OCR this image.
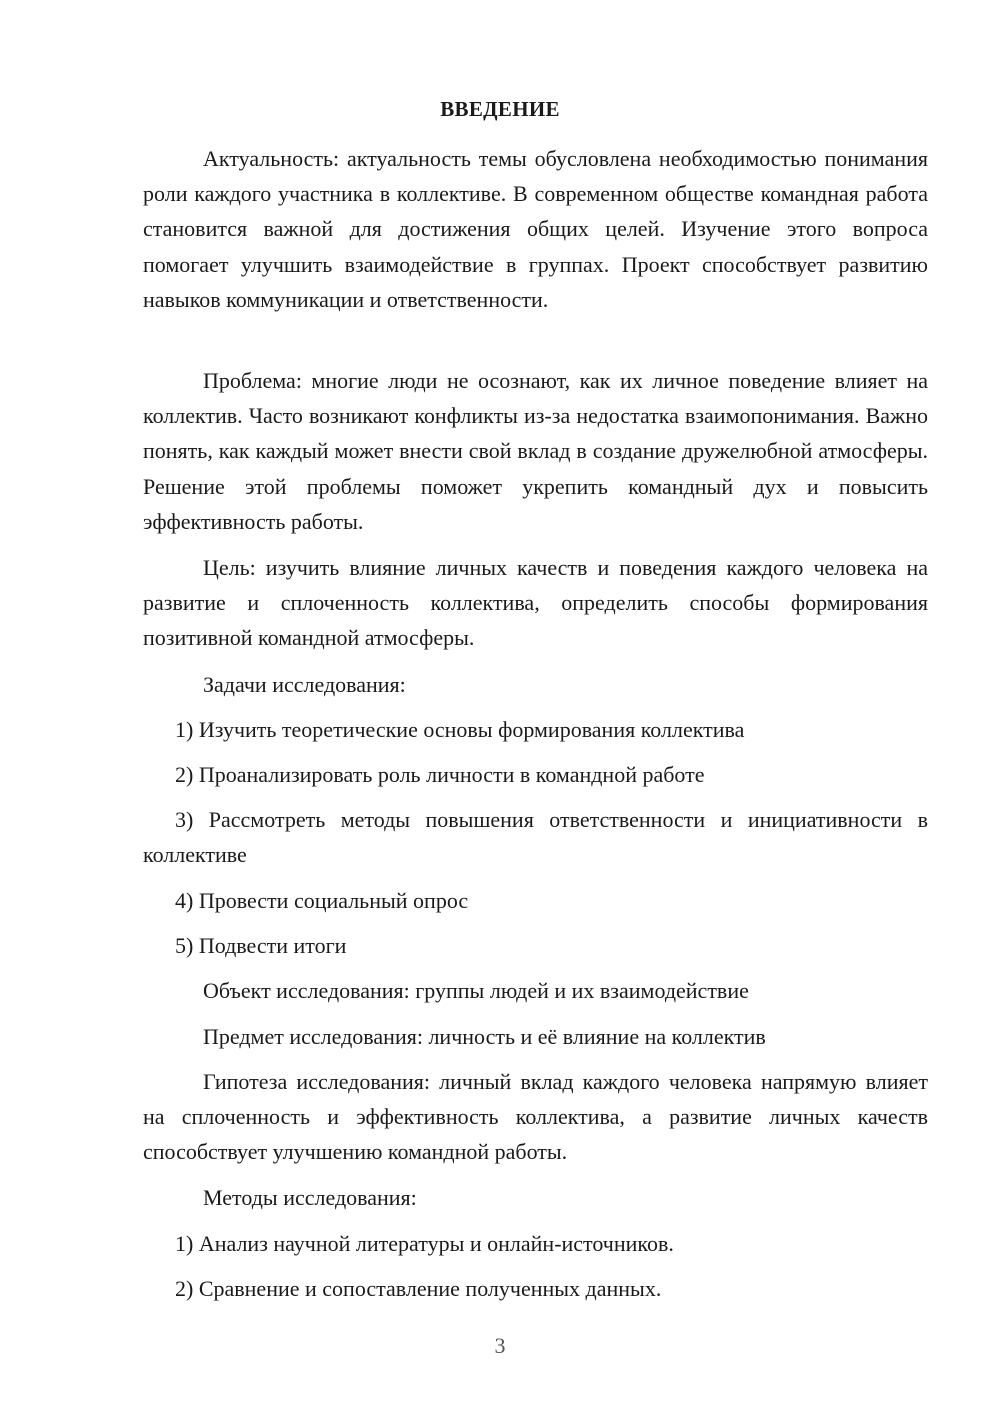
ВВЕДЕНИЕ

Актуальность: актуальность темы обусловлена необходимостью понимания роли каждого участника в коллективе. В современном обществе командная работа становится важной для достижения общих целей. Изучение этого вопроса помогает улучшить взаимодействие в группах. Проект способствует развитию навыков коммуникации и ответственности.

Проблема: многие люди не осознают, как их личное поведение влияет на коллектив. Часто возникают конфликты из-за недостатка взаимопонимания. Важно понять, как каждый может внести свой вклад в создание дружелюбной атмосферы. Решение этой проблемы поможет укрепить командный дух и повысить эффективность работы.

Цель: изучить влияние личных качеств и поведения каждого человека на развитие и сплоченность коллектива, определить способы формирования позитивной командной атмосферы.

Задачи исследования:

1) Изучить теоретические основы формирования коллектива

2) Проанализировать роль личности в командной работе

3) Рассмотреть методы повышения ответственности и инициативности в коллективе

4) Провести социальный опрос

5) Подвести итоги

Объект исследования: группы людей и их взаимодействие

Предмет исследования: личность и её влияние на коллектив

Гипотеза исследования: личный вклад каждого человека напрямую влияет на сплоченность и эффективность коллектива, а развитие личных качеств способствует улучшению командной работы.

Методы исследования:

1) Анализ научной литературы и онлайн-источников.

2) Сравнение и сопоставление полученных данных.

3
